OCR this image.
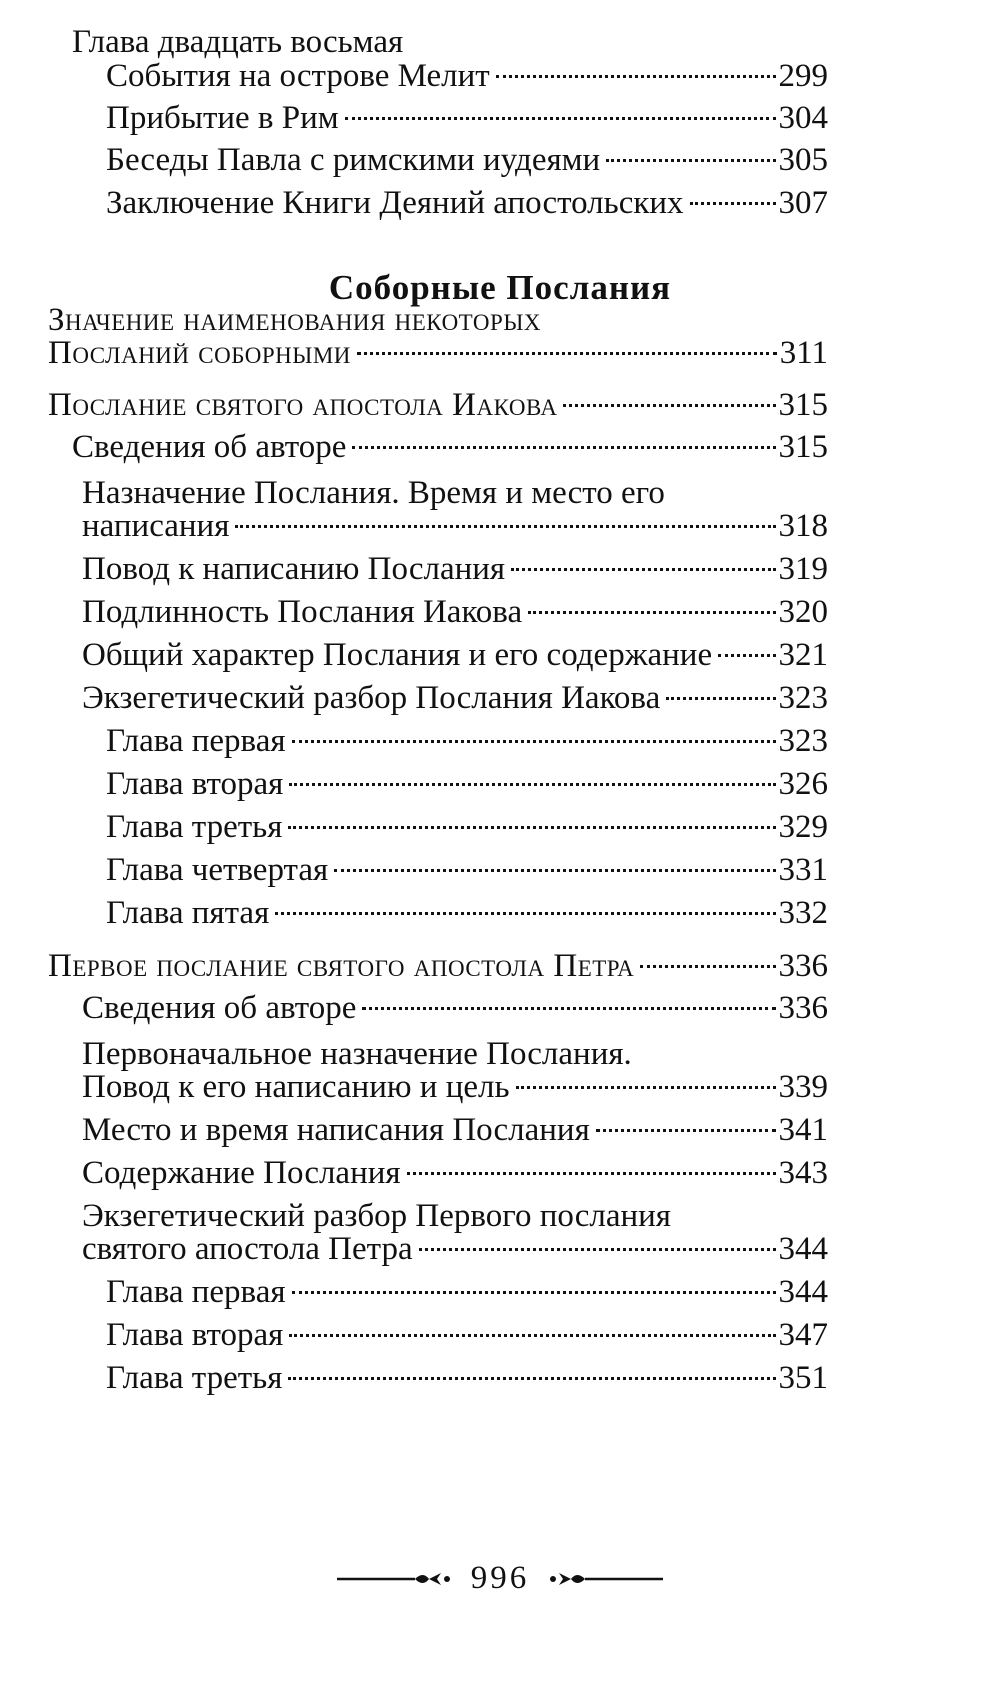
Глава двадцать восьмая
События на острове Мелит	299
Прибытие в Рим	304
Беседы Павла с римскими иудеями	305
Заключение Книги Деяний апостольских	307
Соборные Послания
Значение наименования некоторых
Посланий соборными	311
Послание святого апостола Иакова	315
Сведения об авторе	315
Назначение Послания. Время и место его
написания	318
Повод к написанию Послания	319
Подлинность Послания Иакова	320
Общий характер Послания и его содержание 321
Экзегетический разбор Послания Иакова	323
Глава первая	323
Глава вторая	326
Глава третья	329
Глава четвертая	331
Глава пятая	332
Первое послание святого апостола Петра	336
Сведения об авторе	336
Первоначальное назначение Послания.
Повод к его написанию и цель	339
Место и время написания Послания	341
Содержание Послания	343
Экзегетический разбор Первого послания
святого апостола Петра	344
Глава первая	344
Глава вторая	347
Глава третья	351
996
